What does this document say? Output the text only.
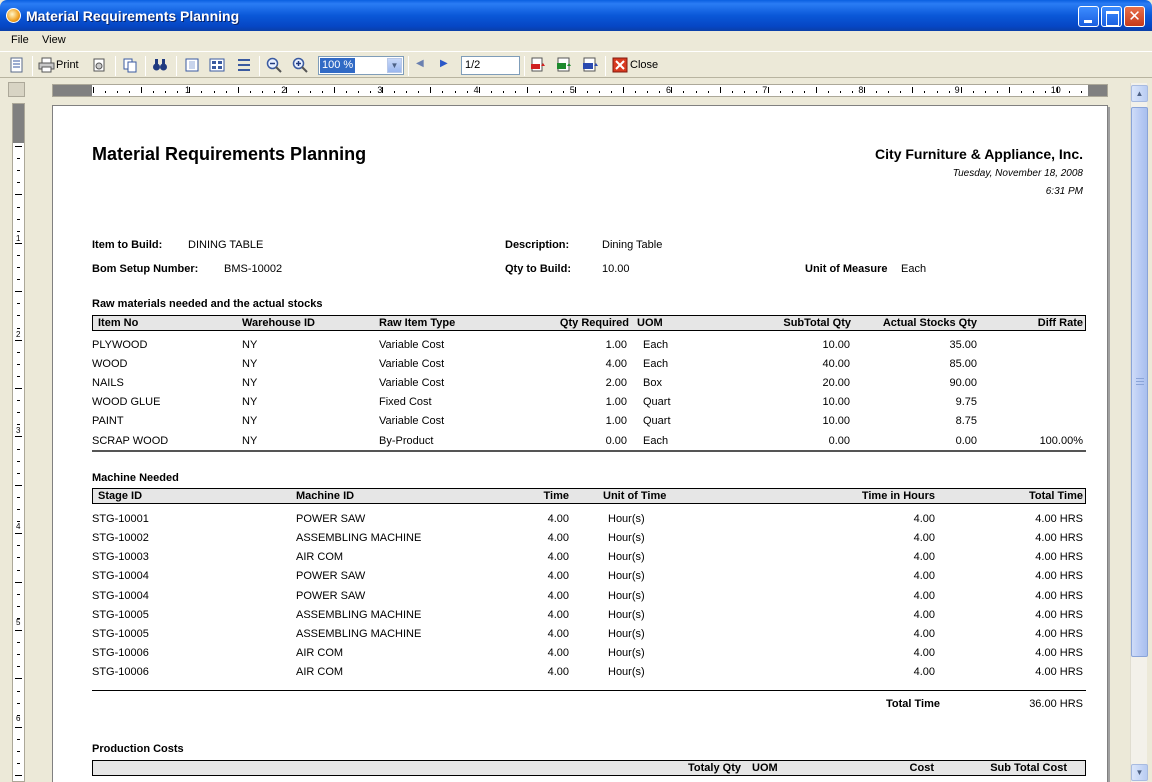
Material Requirements Planning	✕
File View
Print	100 %	▼	◀ ▶	1/2	Close
1	2	3	4	5	6	7	8	9	10
1
2
3
4
5
6
Material Requirements Planning	City Furniture & Appliance, Inc.
Tuesday, November 18, 2008
6:31 PM
Item to Build: DINING TABLE
Bom Setup Number: BMS-10002
Description:	Dining Table
Qty to Build:	10.00	Unit of Measure Each
Raw materials needed and the actual stocks
Item No	Warehouse ID	Raw Item Type	Qty Required UOM	SubTotal Qty	Actual Stocks Qty	Diff Rate
PLYWOOD	NY	Variable Cost	1.00 Each	10.00	35.00
WOOD	NY	Variable Cost	4.00 Each	40.00	85.00
NAILS	NY	Variable Cost	2.00 Box	20.00	90.00
WOOD GLUE	NY	Fixed Cost	1.00 Quart	10.00	9.75
PAINT	NY	Variable Cost	1.00 Quart	10.00	8.75
SCRAP WOOD	NY	By-Product	0.00 Each	0.00	0.00	100.00%
Machine Needed
Stage ID	Machine ID	Time	Unit of Time	Time in Hours	Total Time
STG-10001	POWER SAW	4.00	Hour(s)	4.00	4.00 HRS
STG-10002	ASSEMBLING MACHINE	4.00	Hour(s)	4.00	4.00 HRS
STG-10003	AIR COM	4.00	Hour(s)	4.00	4.00 HRS
STG-10004	POWER SAW	4.00	Hour(s)	4.00	4.00 HRS
STG-10004	POWER SAW	4.00	Hour(s)	4.00	4.00 HRS
STG-10005	ASSEMBLING MACHINE	4.00	Hour(s)	4.00	4.00 HRS
STG-10005	ASSEMBLING MACHINE	4.00	Hour(s)	4.00	4.00 HRS
STG-10006	AIR COM	4.00	Hour(s)	4.00	4.00 HRS
STG-10006	AIR COM	4.00	Hour(s)	4.00	4.00 HRS
Total Time	36.00 HRS
Production Costs
Totaly Qty UOM	Cost	Sub Total Cost
▲
▼
